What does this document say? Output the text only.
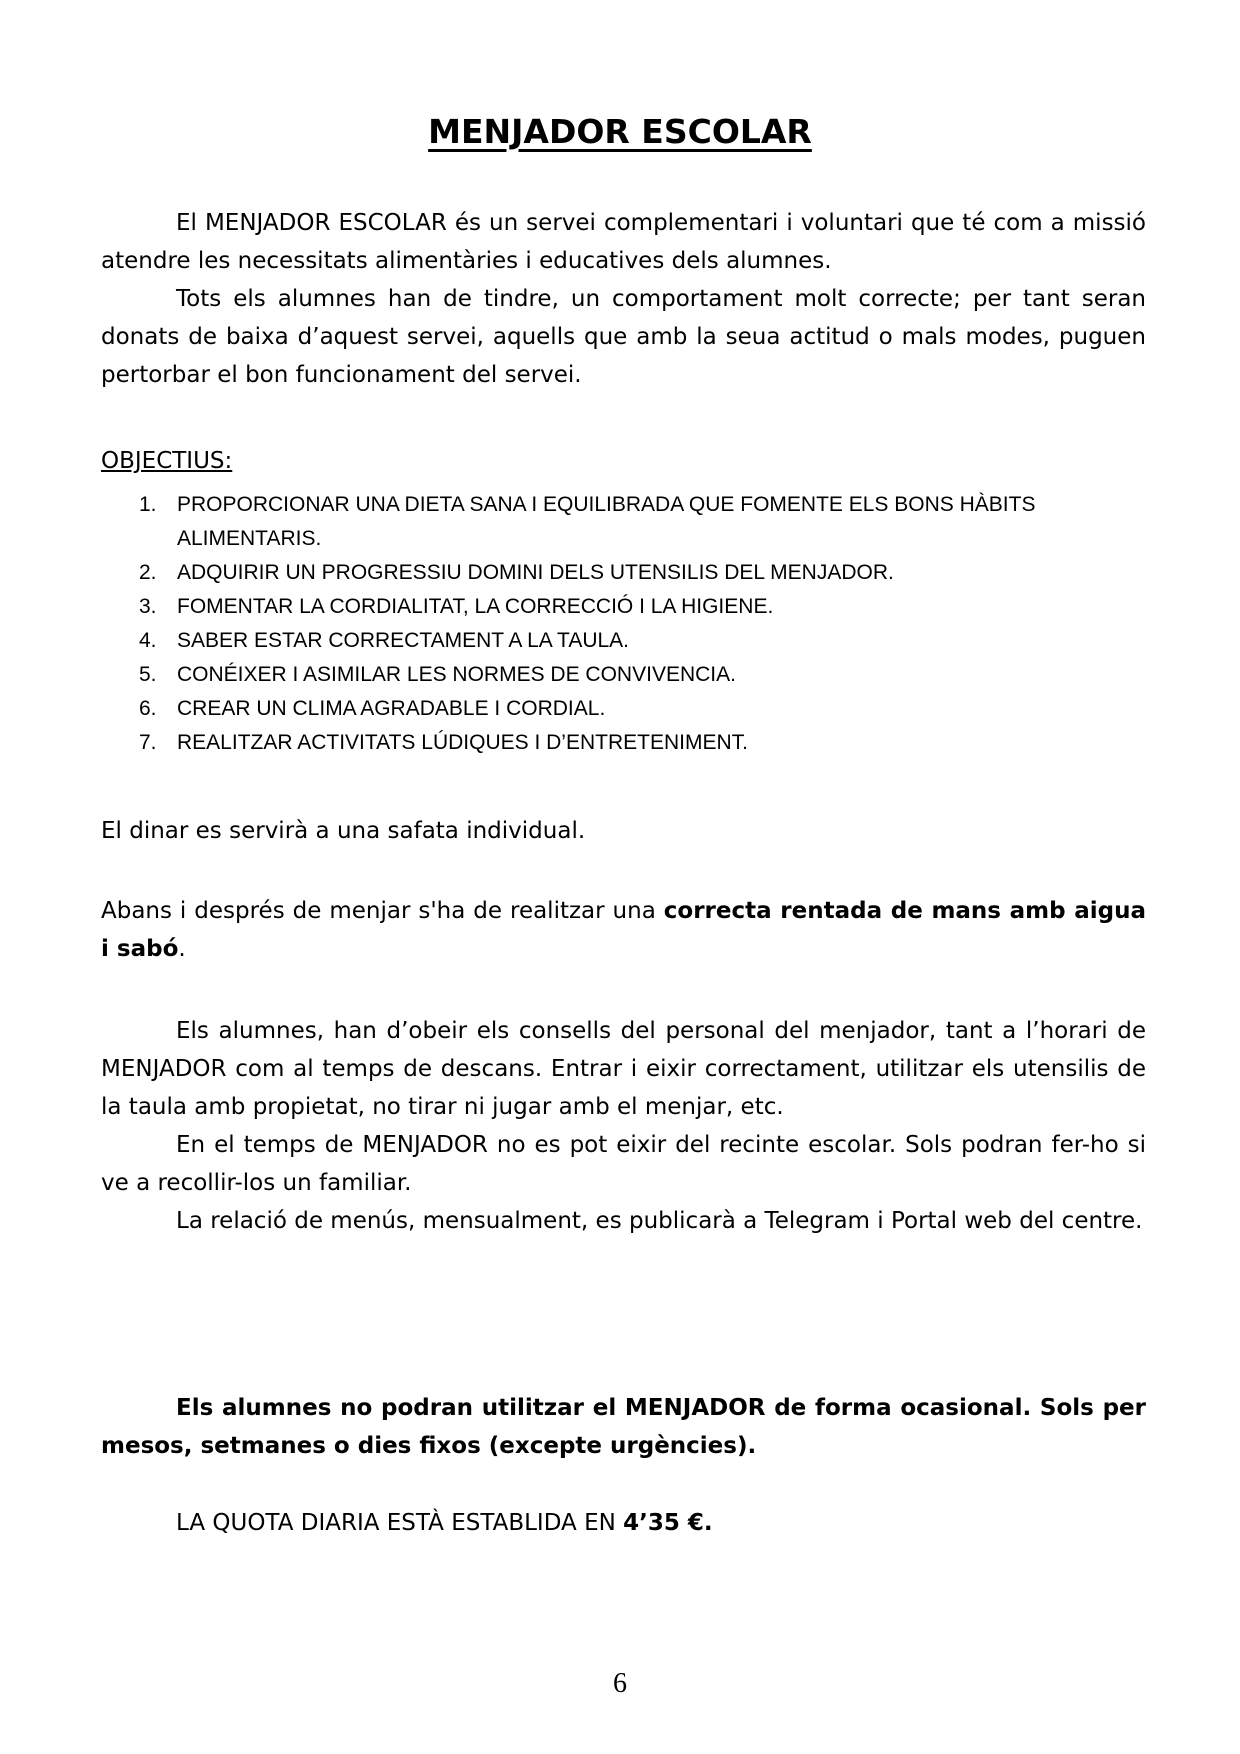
MENJADOR ESCOLAR

El MENJADOR ESCOLAR és un servei complementari i voluntari que té com a missió atendre les necessitats alimentàries i educatives dels alumnes.

Tots els alumnes han de tindre, un comportament molt correcte; per tant seran donats de baixa d’aquest servei, aquells que amb la seua actitud o mals modes, puguen pertorbar el bon funcionament del servei.

OBJECTIUS:
1. PROPORCIONAR UNA DIETA SANA I EQUILIBRADA QUE FOMENTE ELS BONS HÀBITS ALIMENTARIS.
2. ADQUIRIR UN PROGRESSIU DOMINI DELS UTENSILIS DEL MENJADOR.
3. FOMENTAR LA CORDIALITAT, LA CORRECCIÓ I LA HIGIENE.
4. SABER ESTAR CORRECTAMENT A LA TAULA.
5. CONÉIXER I ASIMILAR LES NORMES DE CONVIVENCIA.
6. CREAR UN CLIMA AGRADABLE I CORDIAL.
7. REALITZAR ACTIVITATS LÚDIQUES I D’ENTRETENIMENT.

El dinar es servirà a una safata individual.

Abans i després de menjar s'ha de realitzar una correcta rentada de mans amb aigua i sabó.

Els alumnes, han d’obeir els consells del personal del menjador, tant a l’horari de MENJADOR com al temps de descans. Entrar i eixir correctament, utilitzar els utensilis de la taula amb propietat, no tirar ni jugar amb el menjar, etc.

En el temps de MENJADOR no es pot eixir del recinte escolar. Sols podran fer-ho si ve a recollir-los un familiar.

La relació de menús, mensualment, es publicarà a Telegram i Portal web del centre.

Els alumnes no podran utilitzar el MENJADOR de forma ocasional. Sols per mesos, setmanes o dies fixos (excepte urgències).

LA QUOTA DIARIA ESTÀ ESTABLIDA EN 4’35 €.

6
